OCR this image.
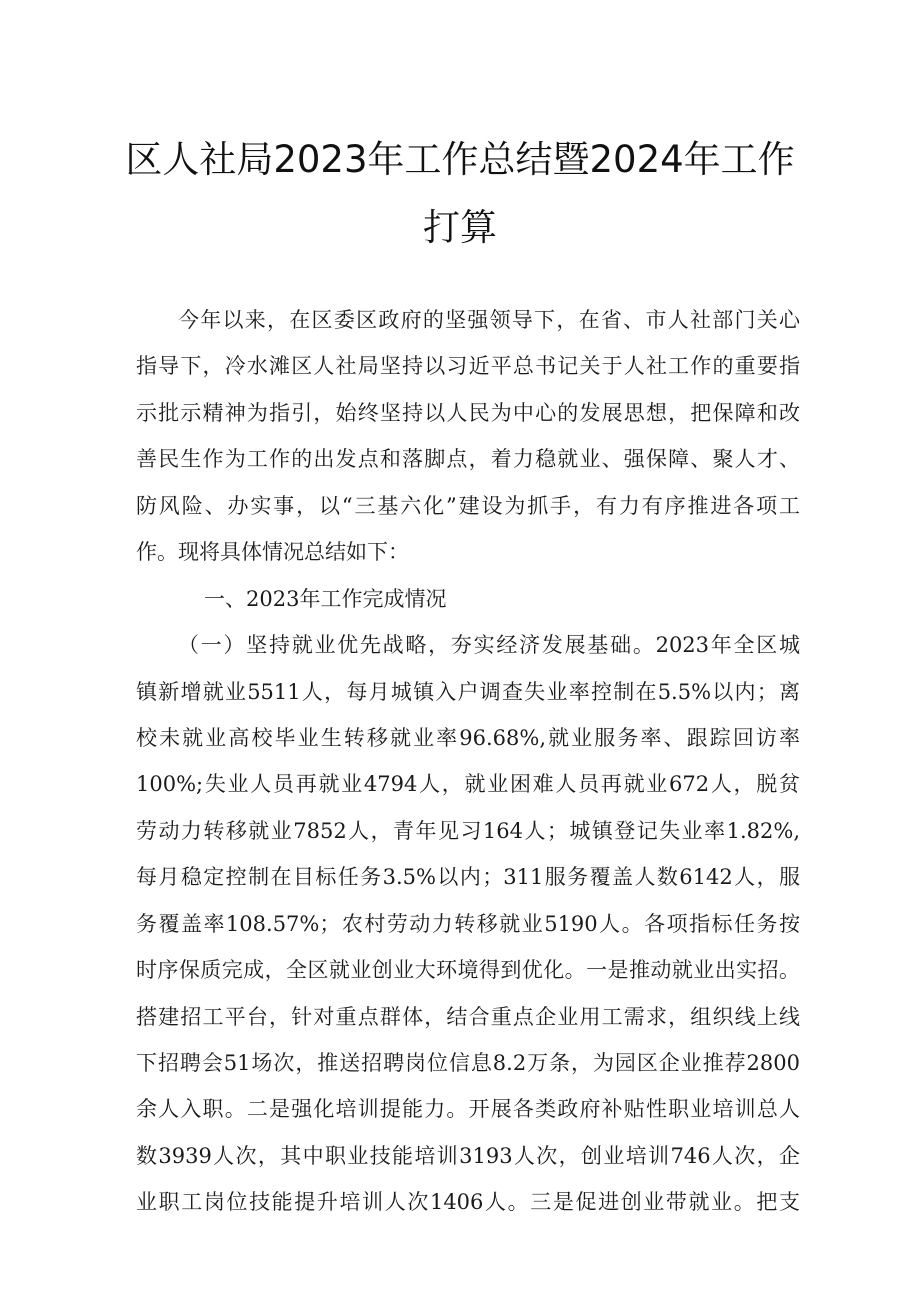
区人社局2023年工作总结暨2024年工作
打算
今年以来，在区委区政府的坚强领导下，在省、市人社部门关心
指导下，冷水滩区人社局坚持以习近平总书记关于人社工作的重要指
示批示精神为指引，始终坚持以人民为中心的发展思想，把保障和改
善民生作为工作的出发点和落脚点，着力稳就业、强保障、聚人才、
防风险、办实事，以“三基六化”建设为抓手，有力有序推进各项工
作。现将具体情况总结如下：
一、2023年工作完成情况
（一）坚持就业优先战略，夯实经济发展基础。2023年全区城
镇新增就业5511人，每月城镇入户调查失业率控制在5.5%以内；离
校未就业高校毕业生转移就业率96.68%,就业服务率、跟踪回访率
100%;失业人员再就业4794人，就业困难人员再就业672人，脱贫
劳动力转移就业7852人，青年见习164人；城镇登记失业率1.82%,
每月稳定控制在目标任务3.5%以内；311服务覆盖人数6142人，服
务覆盖率108.57%；农村劳动力转移就业5190人。各项指标任务按
时序保质完成，全区就业创业大环境得到优化。一是推动就业出实招。
搭建招工平台，针对重点群体，结合重点企业用工需求，组织线上线
下招聘会51场次，推送招聘岗位信息8.2万条，为园区企业推荐2800
余人入职。二是强化培训提能力。开展各类政府补贴性职业培训总人
数3939人次，其中职业技能培训3193人次，创业培训746人次，企
业职工岗位技能提升培训人次1406人。三是促进创业带就业。把支
